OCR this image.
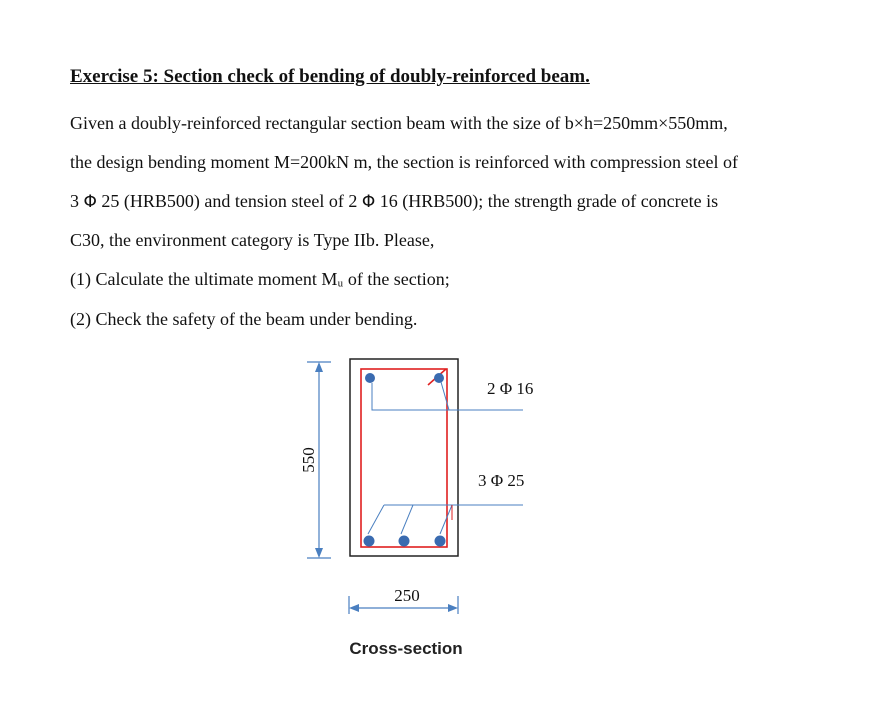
Exercise 5: Section check of bending of doubly-reinforced beam.
Given a doubly-reinforced rectangular section beam with the size of b×h=250mm×550mm,
the design bending moment M=200kN m, the section is reinforced with compression steel of
3 Φ 25 (HRB500) and tension steel of 2 Φ 16 (HRB500); the strength grade of concrete is
C30, the environment category is Type IIb. Please,
(1) Calculate the ultimate moment Mᵤ of the section;
(2) Check the safety of the beam under bending.
550
2 Φ 16
3 Φ 25
250
Cross-section
